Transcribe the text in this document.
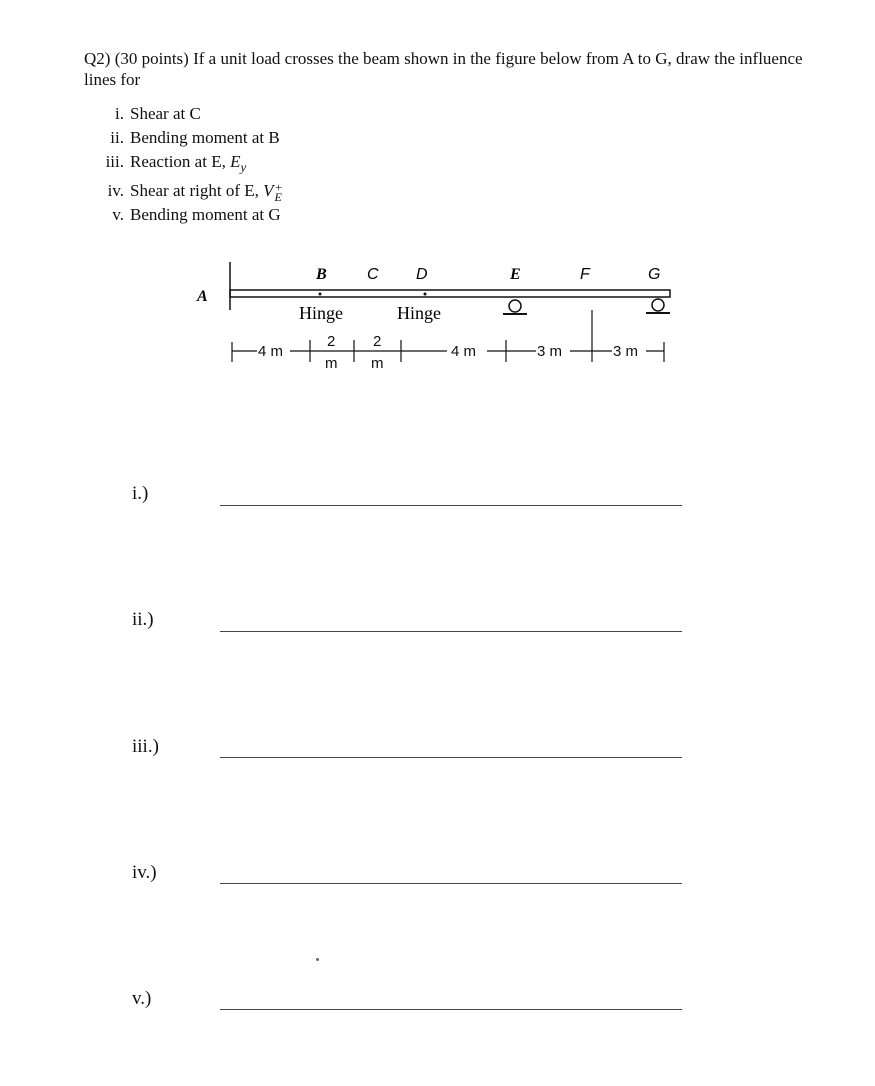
Q2) (30 points) If a unit load crosses the beam shown in the figure below from A to G, draw the influence lines for
i. Shear at C
ii. Bending moment at B
iii. Reaction at E, $E_y$
iv. Shear at right of E, V +
E
v. Bending moment at G
A
B	C D	E	F	G
Hinge	Hinge
4 m
2
m
2
m
4 m	3 m	3 m
i.)
ii.)
iii.)
iv.)
v.)
